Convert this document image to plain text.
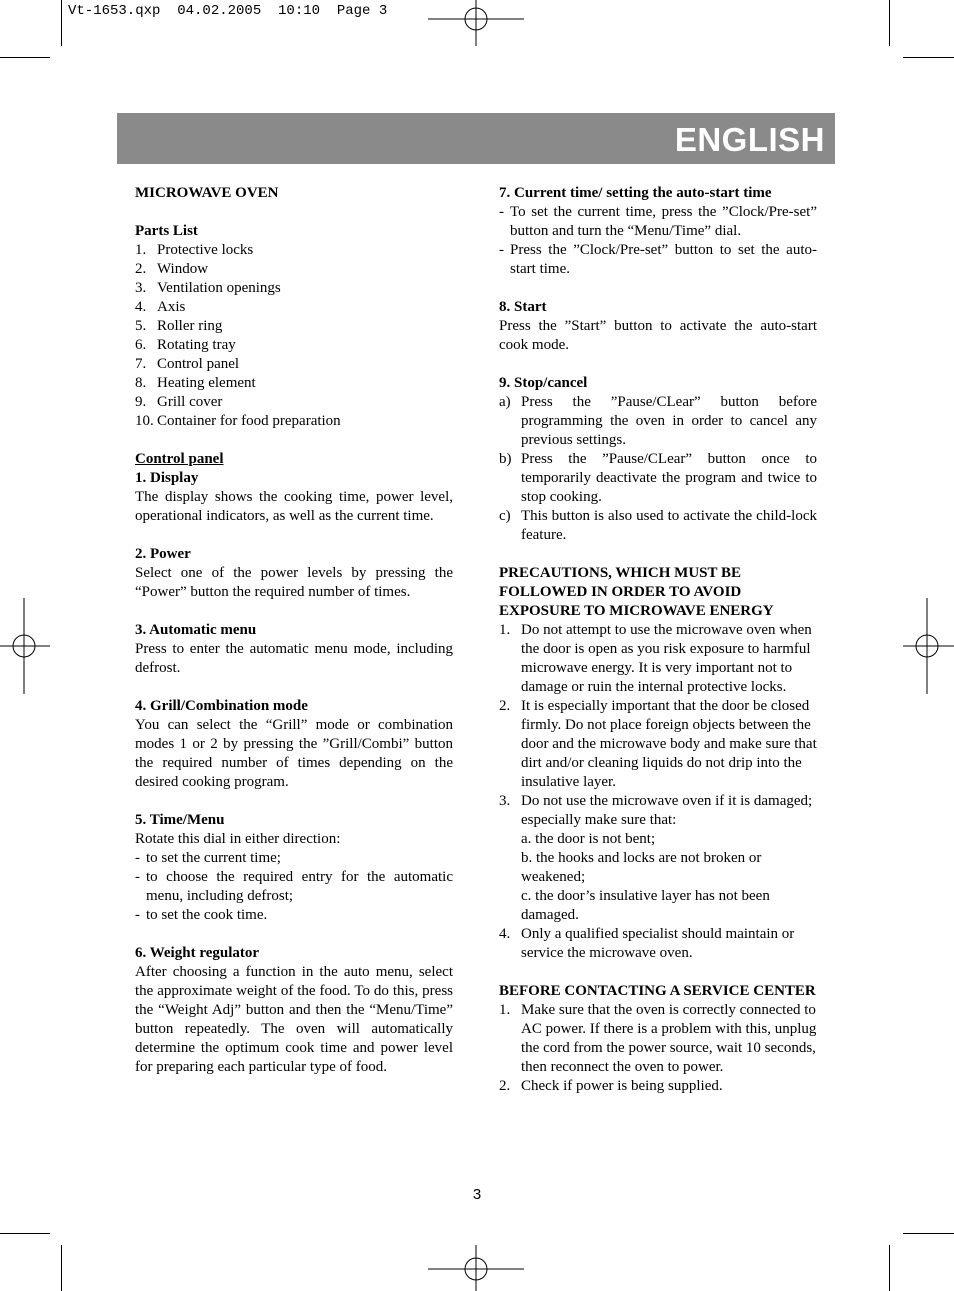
Vt-1653.qxp  04.02.2005  10:10  Page 3
ENGLISH

MICROWAVE OVEN

Parts List

1. Protective locks
2. Window
3. Ventilation openings
4. Axis
5. Roller ring
6. Rotating tray
7. Control panel
8. Heating element
9. Grill cover
10. Container for food preparation

Control panel

1. Display

The display shows the cooking time, power level, operational indicators, as well as the current time.

2. Power

Select one of the power levels by pressing the “Power” button the required number of times.

3. Automatic menu

Press to enter the automatic menu mode, including defrost.

4. Grill/Combination mode

You can select the “Grill” mode or combination modes 1 or 2 by pressing the ”Grill/Combi” button the required number of times depending on the desired cooking program.

5. Time/Menu

Rotate this dial in either direction:

- to set the current time;
- to choose the required entry for the automatic menu, including defrost;
- to set the cook time.

6. Weight regulator

After choosing a function in the auto menu, select the approximate weight of the food. To do this, press the “Weight Adj” button and then the “Menu/Time” button repeatedly. The oven will automatically determine the optimum cook time and power level for preparing each particular type of food.

7. Current time/ setting the auto-start time

- To set the current time, press the ”Clock/Pre-set” button and turn the “Menu/Time” dial.
- Press the ”Clock/Pre-set” button to set the auto-start time.

8. Start

Press the ”Start” button to activate the auto-start cook mode.

9. Stop/cancel

a) Press the ”Pause/CLear” button before programming the oven in order to cancel any previous settings.
b) Press the ”Pause/CLear” button once to temporarily deactivate the program and twice to stop cooking.
c) This button is also used to activate the child-lock feature.

PRECAUTIONS, WHICH MUST BE FOLLOWED IN ORDER TO AVOID EXPOSURE TO MICROWAVE ENERGY

1. Do not attempt to use the microwave oven when the door is open as you risk exposure to harmful microwave energy. It is very important not to damage or ruin the internal protective locks.
2. It is especially important that the door be closed firmly. Do not place foreign objects between the door and the microwave body and make sure that dirt and/or cleaning liquids do not drip into the insulative layer.
3. Do not use the microwave oven if it is damaged; especially make sure that:
a. the door is not bent;
b. the hooks and locks are not broken or weakened;
c. the door’s insulative layer has not been damaged.
4. Only a qualified specialist should maintain or service the microwave oven.

BEFORE CONTACTING A SERVICE CENTER

1. Make sure that the oven is correctly connected to AC power. If there is a problem with this, unplug the cord from the power source, wait 10 seconds, then reconnect the oven to power.
2. Check if power is being supplied.
3
